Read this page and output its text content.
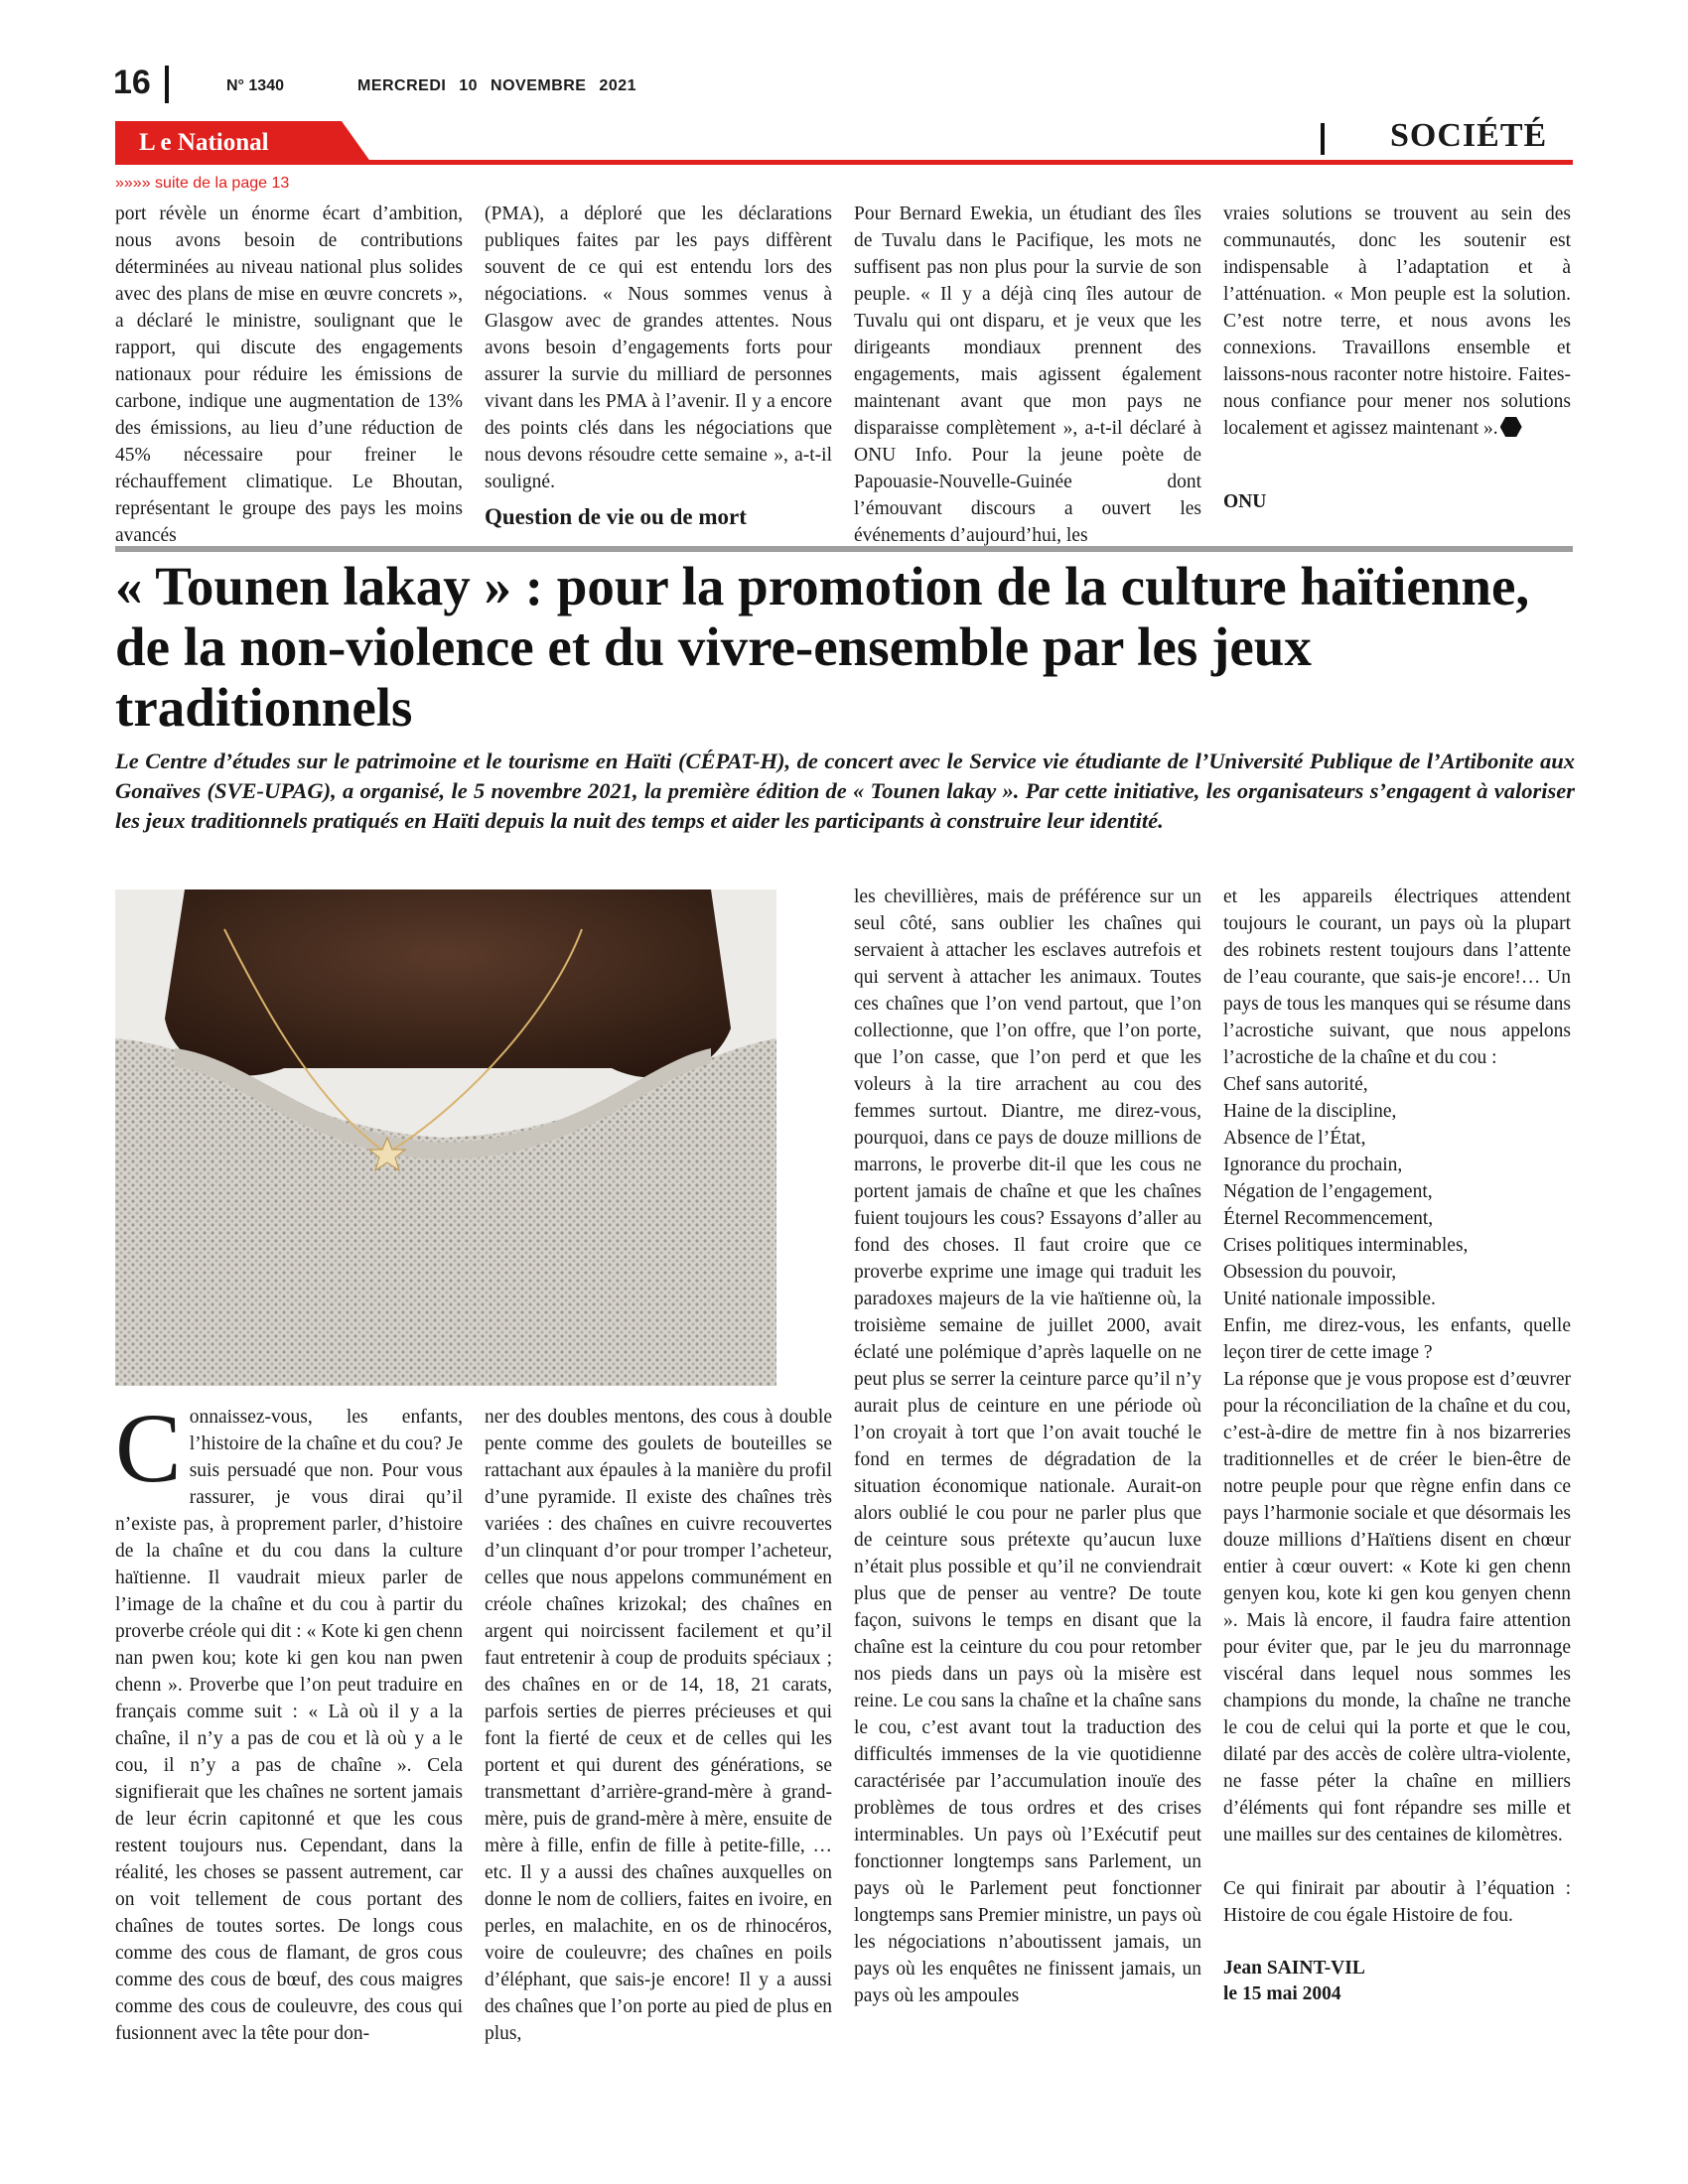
16	N° 1340	MERCREDI 10 NOVEMBRE 2021
L e National	SOCIÉTÉ
»»»» suite de la page 13

port révèle un énorme écart d’ambition, nous avons besoin de contributions déterminées au niveau national plus solides avec des plans de mise en œuvre concrets », a déclaré le ministre, soulignant que le rapport, qui discute des engagements nationaux pour réduire les émissions de carbone, indique une augmentation de 13% des émissions, au lieu d’une réduction de 45% nécessaire pour freiner le réchauffement climatique. Le Bhoutan, représentant le groupe des pays les moins avancés

(PMA), a déploré que les déclarations publiques faites par les pays diffèrent souvent de ce qui est entendu lors des négociations. « Nous sommes venus à Glasgow avec de grandes attentes. Nous avons besoin d’engagements forts pour assurer la survie du milliard de personnes vivant dans les PMA à l’avenir. Il y a encore des points clés dans les négociations que nous devons résoudre cette semaine », a-t-il souligné.

Question de vie ou de mort

Pour Bernard Ewekia, un étudiant des îles de Tuvalu dans le Pacifique, les mots ne suffisent pas non plus pour la survie de son peuple. « Il y a déjà cinq îles autour de Tuvalu qui ont disparu, et je veux que les dirigeants mondiaux prennent des engagements, mais agissent également maintenant avant que mon pays ne disparaisse complètement », a-t-il déclaré à ONU Info. Pour la jeune poète de Papouasie-Nouvelle-Guinée dont l’émouvant discours a ouvert les événements d’aujourd’hui, les

vraies solutions se trouvent au sein des communautés, donc les soutenir est indispensable à l’adaptation et à l’atténuation. « Mon peuple est la solution. C’est notre terre, et nous avons les connexions. Travaillons ensemble et laissons-nous raconter notre histoire. Faites-nous confiance pour mener nos solutions localement et agissez maintenant ».

ONU
« Tounen lakay » : pour la promotion de la culture haïtienne, de la non-violence et du vivre-ensemble par les jeux traditionnels
Le Centre d’études sur le patrimoine et le tourisme en Haïti (CÉPAT-H), de concert avec le Service vie étudiante de l’Université Publique de l’Artibonite aux Gonaïves (SVE-UPAG), a organisé, le 5 novembre 2021, la première édition de « Tounen lakay ». Par cette initiative, les organisateurs s’engagent à valoriser les jeux traditionnels pratiqués en Haïti depuis la nuit des temps et aider les participants à construire leur identité.

Connaissez-vous, les enfants, l’histoire de la chaîne et du cou? Je suis persuadé que non. Pour vous rassurer, je vous dirai qu’il n’existe pas, à proprement parler, d’histoire de la chaîne et du cou dans la culture haïtienne. Il vaudrait mieux parler de l’image de la chaîne et du cou à partir du proverbe créole qui dit : « Kote ki gen chenn nan pwen kou; kote ki gen kou nan pwen chenn ». Proverbe que l’on peut traduire en français comme suit : « Là où il y a la chaîne, il n’y a pas de cou et là où y a le cou, il n’y a pas de chaîne ». Cela signifierait que les chaînes ne sortent jamais de leur écrin capitonné et que les cous restent toujours nus. Cependant, dans la réalité, les choses se passent autrement, car on voit tellement de cous portant des chaînes de toutes sortes. De longs cous comme des cous de flamant, de gros cous comme des cous de bœuf, des cous maigres comme des cous de couleuvre, des cous qui fusionnent avec la tête pour don-

ner des doubles mentons, des cous à double pente comme des goulets de bouteilles se rattachant aux épaules à la manière du profil d’une pyramide. Il existe des chaînes très variées : des chaînes en cuivre recouvertes d’un clinquant d’or pour tromper l’acheteur, celles que nous appelons communément en créole chaînes krizokal; des chaînes en argent qui noircissent facilement et qu’il faut entretenir à coup de produits spéciaux ; des chaînes en or de 14, 18, 21 carats, parfois serties de pierres précieuses et qui font la fierté de ceux et de celles qui les portent et qui durent des générations, se transmettant d’arrière-grand-mère à grand-mère, puis de grand-mère à mère, ensuite de mère à fille, enfin de fille à petite-fille, …etc. Il y a aussi des chaînes auxquelles on donne le nom de colliers, faites en ivoire, en perles, en malachite, en os de rhinocéros, voire de couleuvre; des chaînes en poils d’éléphant, que sais-je encore! Il y a aussi des chaînes que l’on porte au pied de plus en plus,

les chevillières, mais de préférence sur un seul côté, sans oublier les chaînes qui servaient à attacher les esclaves autrefois et qui servent à attacher les animaux. Toutes ces chaînes que l’on vend partout, que l’on collectionne, que l’on offre, que l’on porte, que l’on casse, que l’on perd et que les voleurs à la tire arrachent au cou des femmes surtout. Diantre, me direz-vous, pourquoi, dans ce pays de douze millions de marrons, le proverbe dit-il que les cous ne portent jamais de chaîne et que les chaînes fuient toujours les cous? Essayons d’aller au fond des choses. Il faut croire que ce proverbe exprime une image qui traduit les paradoxes majeurs de la vie haïtienne où, la troisième semaine de juillet 2000, avait éclaté une polémique d’après laquelle on ne peut plus se serrer la ceinture parce qu’il n’y aurait plus de ceinture en une période où l’on croyait à tort que l’on avait touché le fond en termes de dégradation de la situation économique nationale. Aurait-on alors oublié le cou pour ne parler plus que de ceinture sous prétexte qu’aucun luxe n’était plus possible et qu’il ne conviendrait plus que de penser au ventre? De toute façon, suivons le temps en disant que la chaîne est la ceinture du cou pour retomber nos pieds dans un pays où la misère est reine. Le cou sans la chaîne et la chaîne sans le cou, c’est avant tout la traduction des difficultés immenses de la vie quotidienne caractérisée par l’accumulation inouïe des problèmes de tous ordres et des crises interminables. Un pays où l’Exécutif peut fonctionner longtemps sans Parlement, un pays où le Parlement peut fonctionner longtemps sans Premier ministre, un pays où les négociations n’aboutissent jamais, un pays où les enquêtes ne finissent jamais, un pays où les ampoules

et les appareils électriques attendent toujours le courant, un pays où la plupart des robinets restent toujours dans l’attente de l’eau courante, que sais-je encore!… Un pays de tous les manques qui se résume dans l’acrostiche suivant, que nous appelons l’acrostiche de la chaîne et du cou :

Chef sans autorité,
Haine de la discipline,
Absence de l’État,
Ignorance du prochain,
Négation de l’engagement,
Éternel Recommencement,
Crises politiques interminables,
Obsession du pouvoir,
Unité nationale impossible.

Enfin, me direz-vous, les enfants, quelle leçon tirer de cette image ?

La réponse que je vous propose est d’œuvrer pour la réconciliation de la chaîne et du cou, c’est-à-dire de mettre fin à nos bizarreries traditionnelles et de créer le bien-être de notre peuple pour que règne enfin dans ce pays l’harmonie sociale et que désormais les douze millions d’Haïtiens disent en chœur entier à cœur ouvert: « Kote ki gen chenn genyen kou, kote ki gen kou genyen chenn ». Mais là encore, il faudra faire attention pour éviter que, par le jeu du marronnage viscéral dans lequel nous sommes les champions du monde, la chaîne ne tranche le cou de celui qui la porte et que le cou, dilaté par des accès de colère ultra-violente, ne fasse péter la chaîne en milliers d’éléments qui font répandre ses mille et une mailles sur des centaines de kilomètres.

Ce qui finirait par aboutir à l’équation : Histoire de cou égale Histoire de fou.

Jean SAINT-VIL
le 15 mai 2004
